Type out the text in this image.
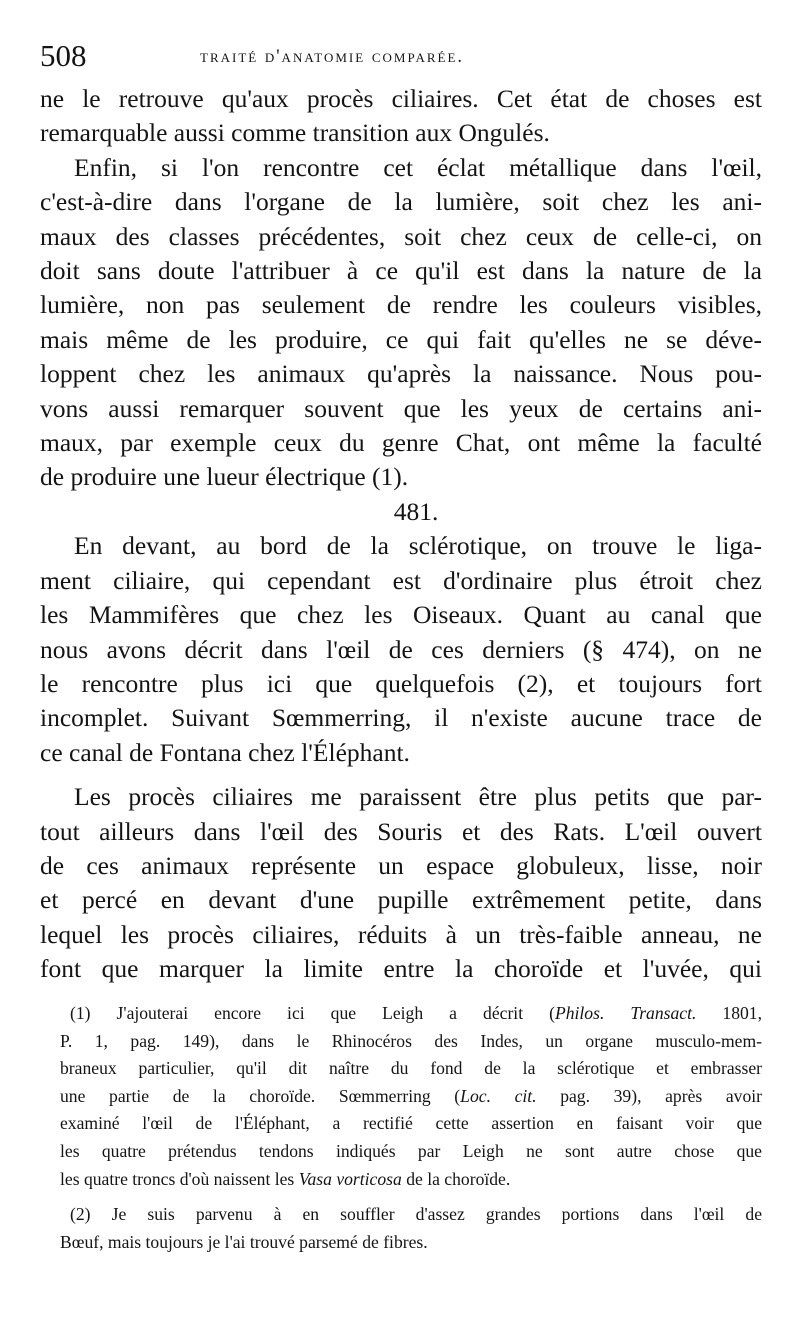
508	traité d'anatomie comparée.
ne le retrouve qu'aux procès ciliaires. Cet état de choses est
remarquable aussi comme transition aux Ongulés.
Enfin, si l'on rencontre cet éclat métallique dans l'œil,
c'est-à-dire dans l'organe de la lumière, soit chez les ani-
maux des classes précédentes, soit chez ceux de celle-ci, on
doit sans doute l'attribuer à ce qu'il est dans la nature de la
lumière, non pas seulement de rendre les couleurs visibles,
mais même de les produire, ce qui fait qu'elles ne se déve-
loppent chez les animaux qu'après la naissance. Nous pou-
vons aussi remarquer souvent que les yeux de certains ani-
maux, par exemple ceux du genre Chat, ont même la faculté
de produire une lueur électrique (1).
481.
En devant, au bord de la sclérotique, on trouve le liga-
ment ciliaire, qui cependant est d'ordinaire plus étroit chez
les Mammifères que chez les Oiseaux. Quant au canal que
nous avons décrit dans l'œil de ces derniers (§ 474), on ne
le rencontre plus ici que quelquefois (2), et toujours fort
incomplet. Suivant Sœmmerring, il n'existe aucune trace de
ce canal de Fontana chez l'Éléphant.
Les procès ciliaires me paraissent être plus petits que par-
tout ailleurs dans l'œil des Souris et des Rats. L'œil ouvert
de ces animaux représente un espace globuleux, lisse, noir
et percé en devant d'une pupille extrêmement petite, dans
lequel les procès ciliaires, réduits à un très-faible anneau, ne
font que marquer la limite entre la choroïde et l'uvée, qui
(1) J'ajouterai encore ici que Leigh a décrit (Philos. Transact. 1801,
P. 1, pag. 149), dans le Rhinocéros des Indes, un organe musculo-mem-
braneux particulier, qu'il dit naître du fond de la sclérotique et embrasser
une partie de la choroïde. Sœmmerring (Loc. cit. pag. 39), après avoir
examiné l'œil de l'Éléphant, a rectifié cette assertion en faisant voir que
les quatre prétendus tendons indiqués par Leigh ne sont autre chose que
les quatre troncs d'où naissent les Vasa vorticosa de la choroïde.
(2) Je suis parvenu à en souffler d'assez grandes portions dans l'œil de
Bœuf, mais toujours je l'ai trouvé parsemé de fibres.
